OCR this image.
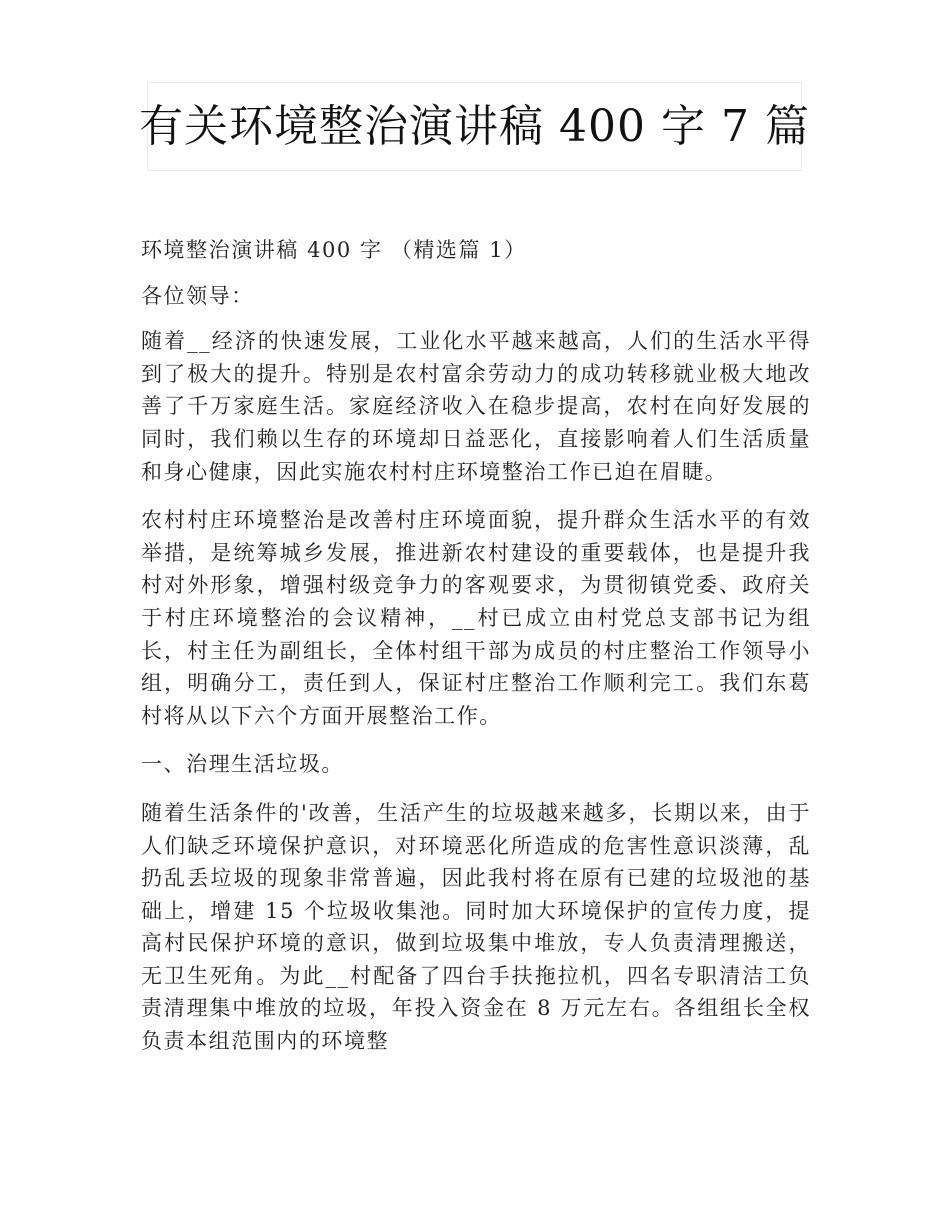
有关环境整治演讲稿 400 字 7 篇

环境整治演讲稿 400 字 （精选篇 1）

各位领导：

随着__经济的快速发展，工业化水平越来越高，人们的生活水平得到了极大的提升。特别是农村富余劳动力的成功转移就业极大地改善了千万家庭生活。家庭经济收入在稳步提高，农村在向好发展的同时，我们赖以生存的环境却日益恶化，直接影响着人们生活质量和身心健康，因此实施农村村庄环境整治工作已迫在眉睫。

农村村庄环境整治是改善村庄环境面貌，提升群众生活水平的有效举措，是统筹城乡发展，推进新农村建设的重要载体，也是提升我村对外形象，增强村级竞争力的客观要求，为贯彻镇党委、政府关于村庄环境整治的会议精神，__村已成立由村党总支部书记为组长，村主任为副组长，全体村组干部为成员的村庄整治工作领导小组，明确分工，责任到人，保证村庄整治工作顺利完工。我们东葛村将从以下六个方面开展整治工作。

一、治理生活垃圾。

随着生活条件的'改善，生活产生的垃圾越来越多，长期以来，由于人们缺乏环境保护意识，对环境恶化所造成的危害性意识淡薄，乱扔乱丢垃圾的现象非常普遍，因此我村将在原有已建的垃圾池的基础上，增建 15 个垃圾收集池。同时加大环境保护的宣传力度，提高村民保护环境的意识，做到垃圾集中堆放，专人负责清理搬送，无卫生死角。为此__村配备了四台手扶拖拉机，四名专职清洁工负责清理集中堆放的垃圾，年投入资金在 8 万元左右。各组组长全权负责本组范围内的环境整
